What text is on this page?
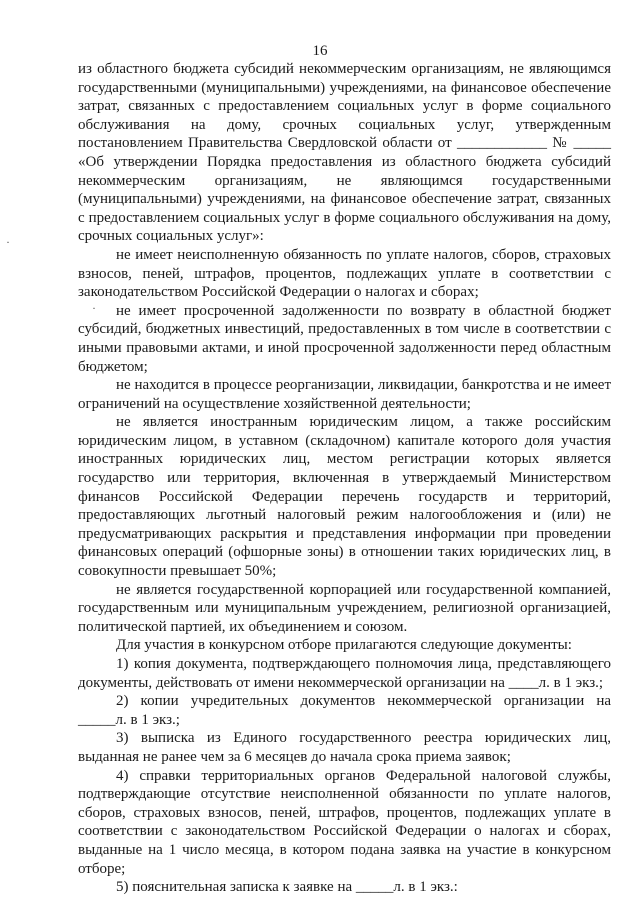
16

из областного бюджета субсидий некоммерческим организациям, не являющимся государственными (муниципальными) учреждениями, на финансовое обеспечение затрат, связанных с предоставлением социальных услуг в форме социального обслуживания на дому, срочных социальных услуг, утвержденным постановлением Правительства Свердловской области от ____________ № _____ «Об утверждении Порядка предоставления из областного бюджета субсидий некоммерческим организациям, не являющимся государственными (муниципальными) учреждениями, на финансовое обеспечение затрат, связанных с предоставлением социальных услуг в форме социального обслуживания на дому, срочных социальных услуг»:

не имеет неисполненную обязанность по уплате налогов, сборов, страховых взносов, пеней, штрафов, процентов, подлежащих уплате в соответствии с законодательством Российской Федерации о налогах и сборах;

не имеет просроченной задолженности по возврату в областной бюджет субсидий, бюджетных инвестиций, предоставленных в том числе в соответствии с иными правовыми актами, и иной просроченной задолженности перед областным бюджетом;

не находится в процессе реорганизации, ликвидации, банкротства и не имеет ограничений на осуществление хозяйственной деятельности;

не является иностранным юридическим лицом, а также российским юридическим лицом, в уставном (складочном) капитале которого доля участия иностранных юридических лиц, местом регистрации которых является государство или территория, включенная в утверждаемый Министерством финансов Российской Федерации перечень государств и территорий, предоставляющих льготный налоговый режим налогообложения и (или) не предусматривающих раскрытия и представления информации при проведении финансовых операций (офшорные зоны) в отношении таких юридических лиц, в совокупности превышает 50%;

не является государственной корпорацией или государственной компанией, государственным или муниципальным учреждением, религиозной организацией, политической партией, их объединением и союзом.

Для участия в конкурсном отборе прилагаются следующие документы:

1) копия документа, подтверждающего полномочия лица, представляющего документы, действовать от имени некоммерческой организации на ____л. в 1 экз.;

2) копии учредительных документов некоммерческой организации на _____л. в 1 экз.;

3) выписка из Единого государственного реестра юридических лиц, выданная не ранее чем за 6 месяцев до начала срока приема заявок;

4) справки территориальных органов Федеральной налоговой службы, подтверждающие отсутствие неисполненной обязанности по уплате налогов, сборов, страховых взносов, пеней, штрафов, процентов, подлежащих уплате в соответствии с законодательством Российской Федерации о налогах и сборах, выданные на 1 число месяца, в котором подана заявка на участие в конкурсном отборе;

5) пояснительная записка к заявке на _____л. в 1 экз.:

·
·
